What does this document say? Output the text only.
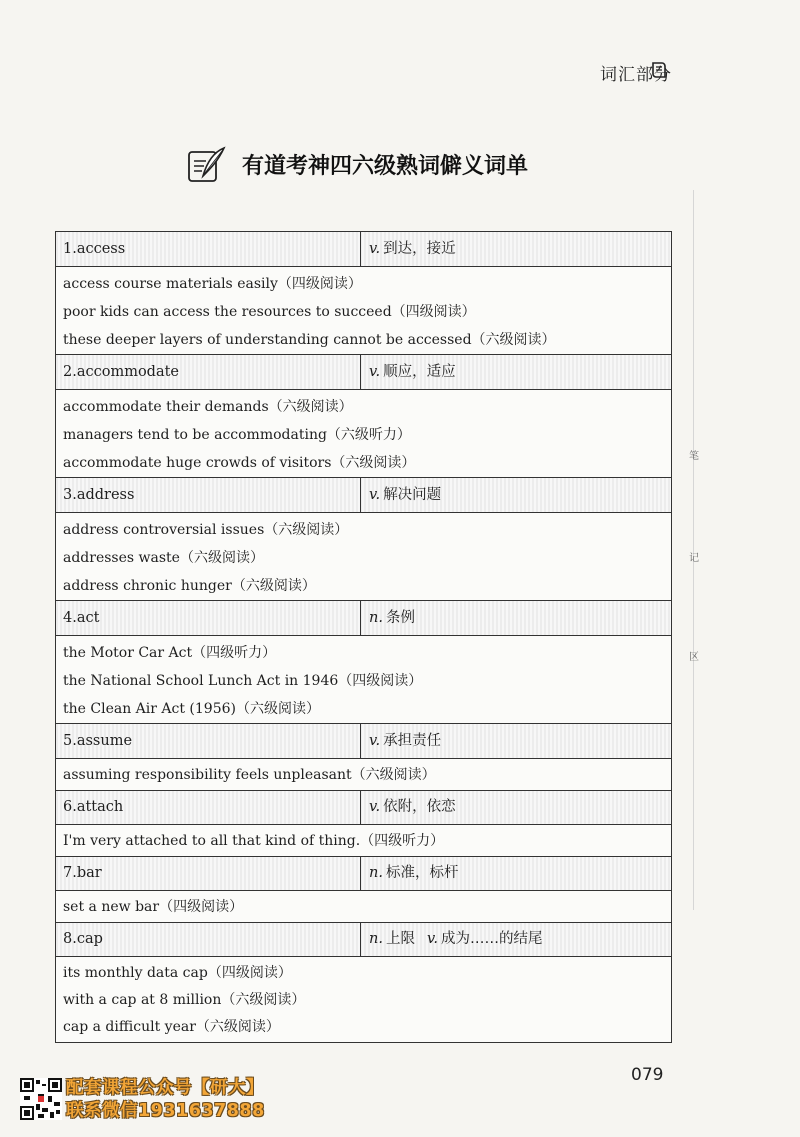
词汇部分
有道考神四六级熟词僻义词单
1.access	v. 到达，接近
access course materials easily（四级阅读）
poor kids can access the resources to succeed（四级阅读）
these deeper layers of understanding cannot be accessed（六级阅读）
2.accommodate	v. 顺应，适应
accommodate their demands（六级阅读）
managers tend to be accommodating（六级听力）
accommodate huge crowds of visitors（六级阅读）
3.address	v. 解决问题
address controversial issues（六级阅读）
addresses waste（六级阅读）
address chronic hunger（六级阅读）
4.act	n. 条例
the Motor Car Act（四级听力）
the National School Lunch Act in 1946（四级阅读）
the Clean Air Act (1956)（六级阅读）
5.assume	v. 承担责任
assuming responsibility feels unpleasant（六级阅读）
6.attach	v. 依附，依恋
I'm very attached to all that kind of thing.（四级听力）
7.bar	n. 标准，标杆
set a new bar（四级阅读）
8.cap	n. 上限 v. 成为……的结尾
its monthly data cap（四级阅读）
with a cap at 8 million（六级阅读）
cap a difficult year（六级阅读）
笔
记
区
079
配套课程公众号【研大】
联系微信1931637888
